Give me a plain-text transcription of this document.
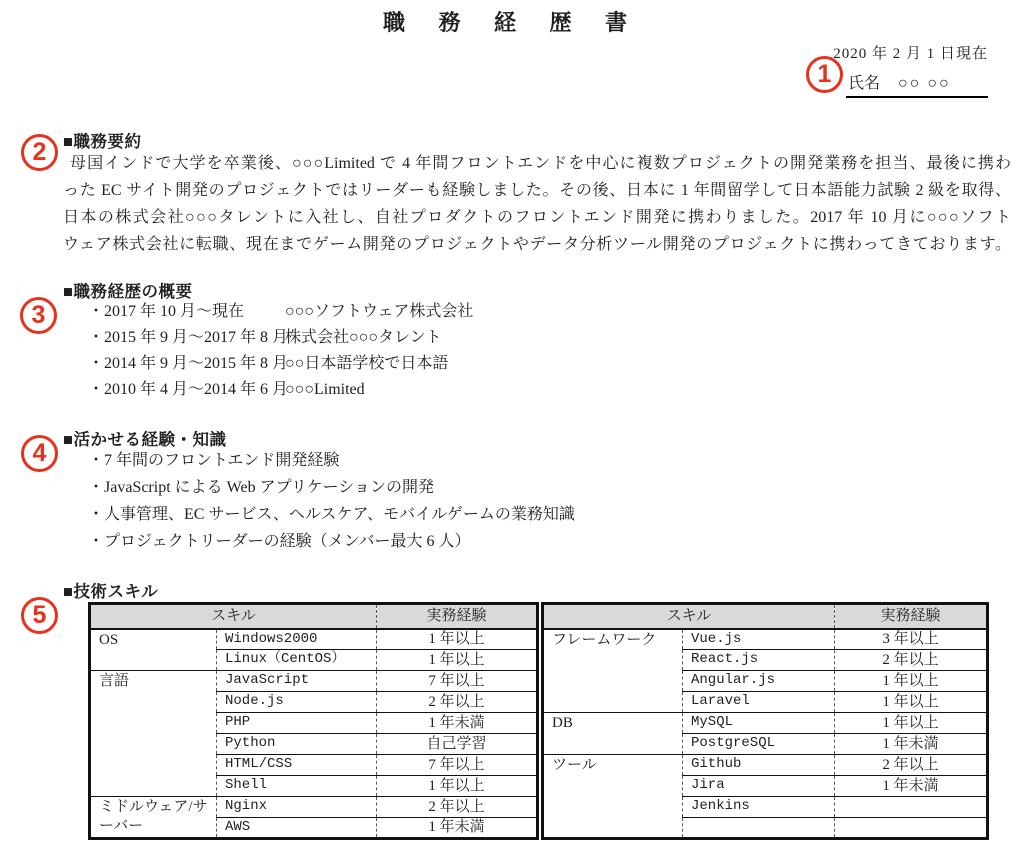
職 務 経 歴 書
2020 年 2 月 1 日現在
氏名 ○○ ○○
1
2
3
4
5
■職務要約
母国インドで大学を卒業後、○○○Limited で 4 年間フロントエンドを中心に複数プロジェクトの開発業務を担当、最後に携わ
った EC サイト開発のプロジェクトではリーダーも経験しました。その後、日本に 1 年間留学して日本語能力試験 2 級を取得、
日本の株式会社○○○タレントに入社し、自社プロダクトのフロントエンド開発に携わりました。2017 年 10 月に○○○ソフト
ウェア株式会社に転職、現在までゲーム開発のプロジェクトやデータ分析ツール開発のプロジェクトに携わってきております。
■職務経歴の概要
・2017 年 10 月～現在	○○○ソフトウェア株式会社
・2015 年 9 月～2017 年 8 月株式会社○○○タレント
・2014 年 9 月～2015 年 8 月○○日本語学校で日本語
・2010 年 4 月～2014 年 6 月○○○Limited
■活かせる経験・知識
・7 年間のフロントエンド開発経験
・JavaScript による Web アプリケーションの開発
・人事管理、EC サービス、ヘルスケア、モバイルゲームの業務知識
・プロジェクトリーダーの経験（メンバー最大 6 人）
■技術スキル
スキル		実務経験
OS	Windows2000	1 年以上
	Linux（CentOS）	1 年以上
言語	JavaScript	7 年以上
	Node.js	2 年以上
	PHP	1 年未満
	Python	自己学習
	HTML/CSS	7 年以上
	Shell	1 年以上
ミドルウェア/サーバー	Nginx	2 年以上
	AWS	1 年未満
スキル		実務経験
フレームワーク	Vue.js	3 年以上
	React.js	2 年以上
	Angular.js	1 年以上
	Laravel	1 年以上
DB	MySQL	1 年以上
	PostgreSQL	1 年未満
ツール	Github	2 年以上
	Jira	1 年未満
	Jenkins	
